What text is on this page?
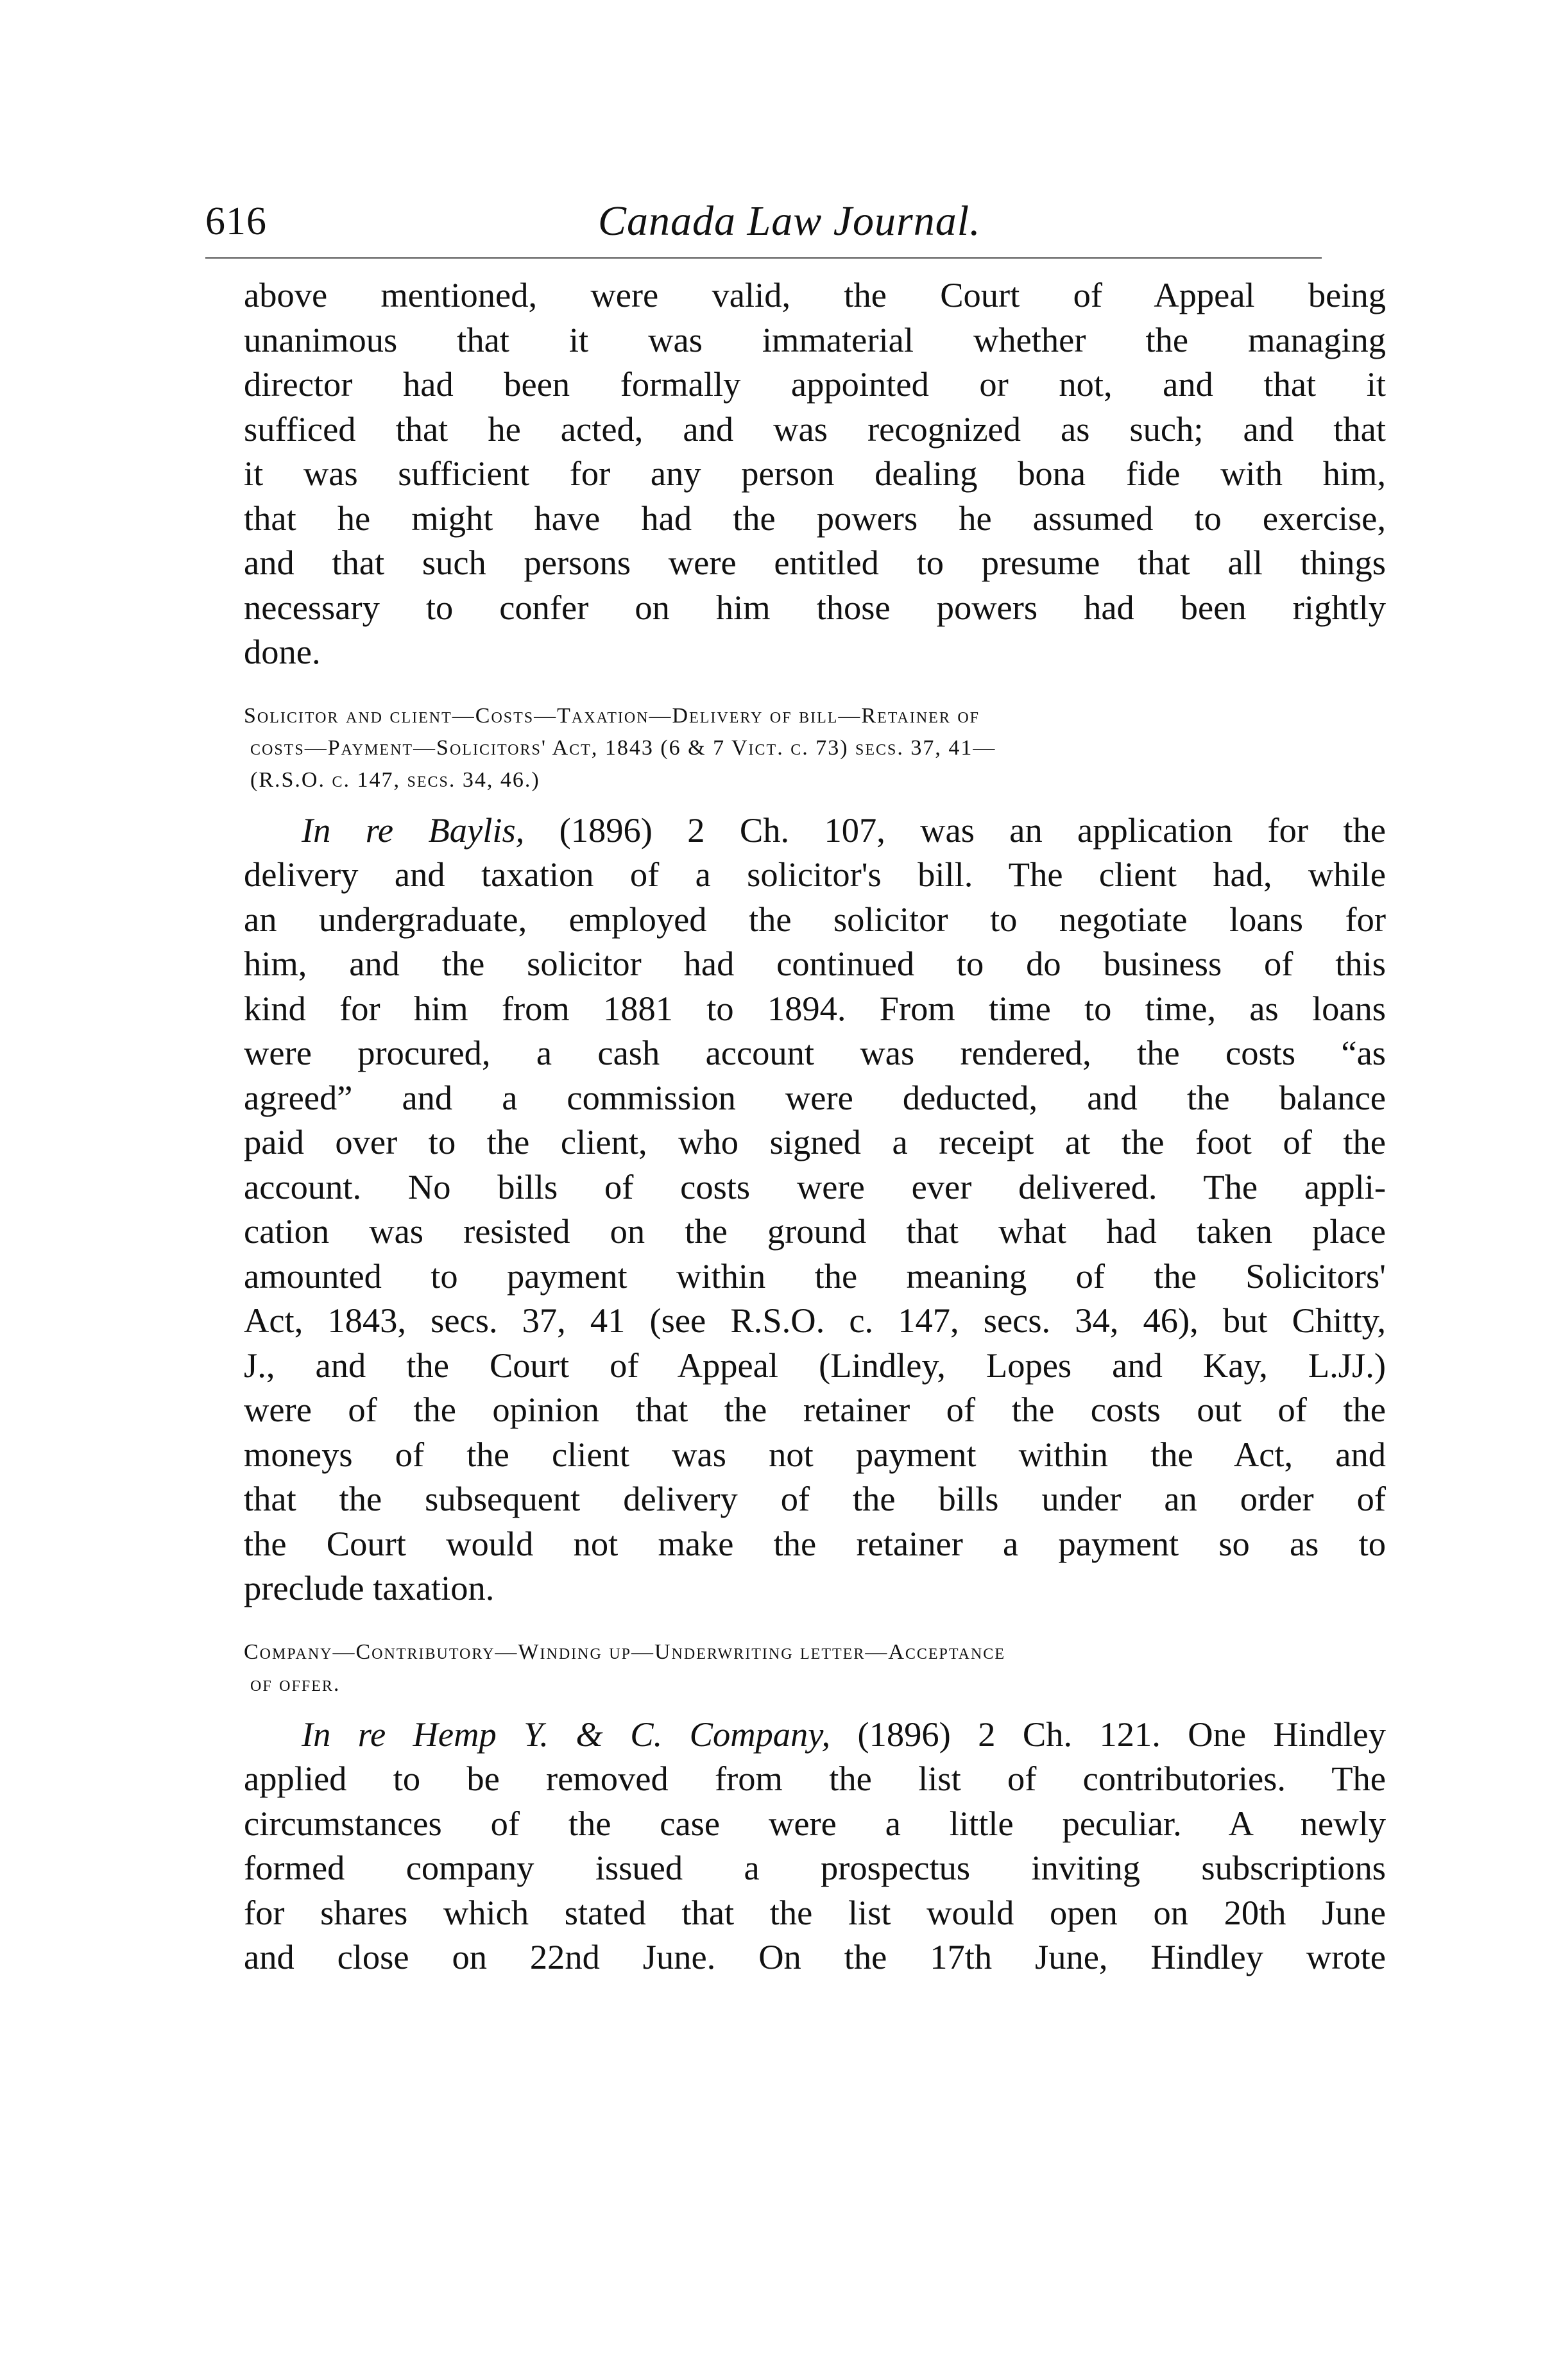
616	Canada Law Journal.

above mentioned, were valid, the Court of Appeal being
unanimous that it was immaterial whether the managing
director had been formally appointed or not, and that it
sufficed that he acted, and was recognized as such; and that
it was sufficient for any person dealing bona fide with him,
that he might have had the powers he assumed to exercise,
and that such persons were entitled to presume that all things
necessary to confer on him those powers had been rightly
done.

Solicitor and client—Costs—Taxation—Delivery of bill—Retainer of
costs—Payment—Solicitors' Act, 1843 (6 & 7 Vict. c. 73) secs. 37, 41—
(R.S.O. c. 147, secs. 34, 46.)

In re Baylis, (1896) 2 Ch. 107, was an application for the
delivery and taxation of a solicitor's bill. The client had, while
an undergraduate, employed the solicitor to negotiate loans for
him, and the solicitor had continued to do business of this
kind for him from 1881 to 1894. From time to time, as loans
were procured, a cash account was rendered, the costs “as
agreed” and a commission were deducted, and the balance
paid over to the client, who signed a receipt at the foot of the
account. No bills of costs were ever delivered. The appli-
cation was resisted on the ground that what had taken place
amounted to payment within the meaning of the Solicitors'
Act, 1843, secs. 37, 41 (see R.S.O. c. 147, secs. 34, 46), but Chitty,
J., and the Court of Appeal (Lindley, Lopes and Kay, L.JJ.)
were of the opinion that the retainer of the costs out of the
moneys of the client was not payment within the Act, and
that the subsequent delivery of the bills under an order of
the Court would not make the retainer a payment so as to
preclude taxation.

Company—Contributory—Winding up—Underwriting letter—Acceptance
of offer.

In re Hemp Y. & C. Company, (1896) 2 Ch. 121. One Hindley
applied to be removed from the list of contributories. The
circumstances of the case were a little peculiar. A newly
formed company issued a prospectus inviting subscriptions
for shares which stated that the list would open on 20th June
and close on 22nd June. On the 17th June, Hindley wrote
